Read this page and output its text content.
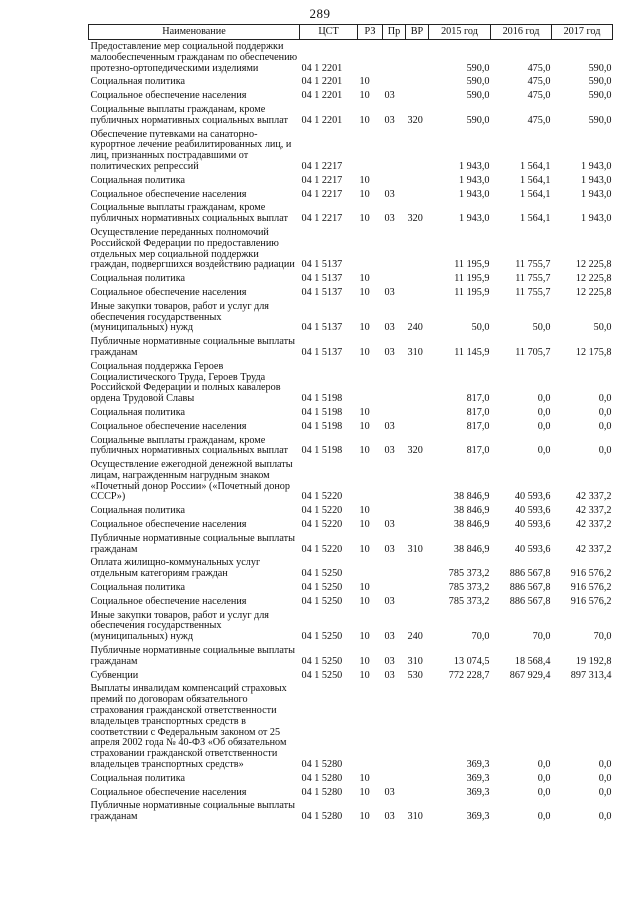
289
Наименование	ЦСТ	РЗ	Пр	ВР	2015 год	2016 год	2017 год
Предоставление мер социальной поддержки малообеспеченным гражданам по обеспечению протезно-ортопедическими изделиями	04 1 2201				590,0	475,0	590,0
Социальная политика	04 1 2201	10			590,0	475,0	590,0
Социальное обеспечение населения	04 1 2201	10	03		590,0	475,0	590,0
Социальные выплаты гражданам, кроме публичных нормативных социальных выплат	04 1 2201	10	03	320	590,0	475,0	590,0
Обеспечение путевками на санаторно-курортное лечение реабилитированных лиц, и лиц, признанных пострадавшими от политических репрессий	04 1 2217				1 943,0	1 564,1	1 943,0
Социальная политика	04 1 2217	10			1 943,0	1 564,1	1 943,0
Социальное обеспечение населения	04 1 2217	10	03		1 943,0	1 564,1	1 943,0
Социальные выплаты гражданам, кроме публичных нормативных социальных выплат	04 1 2217	10	03	320	1 943,0	1 564,1	1 943,0
Осуществление переданных полномочий Российской Федерации по предоставлению отдельных мер социальной поддержки граждан, подвергшихся воздействию радиации	04 1 5137				11 195,9	11 755,7	12 225,8
Социальная политика	04 1 5137	10			11 195,9	11 755,7	12 225,8
Социальное обеспечение населения	04 1 5137	10	03		11 195,9	11 755,7	12 225,8
Иные закупки товаров, работ и услуг для обеспечения государственных (муниципальных) нужд	04 1 5137	10	03	240	50,0	50,0	50,0
Публичные нормативные социальные выплаты гражданам	04 1 5137	10	03	310	11 145,9	11 705,7	12 175,8
Социальная поддержка Героев Социалистического Труда, Героев Труда Российской Федерации и полных кавалеров ордена Трудовой Славы	04 1 5198				817,0	0,0	0,0
Социальная политика	04 1 5198	10			817,0	0,0	0,0
Социальное обеспечение населения	04 1 5198	10	03		817,0	0,0	0,0
Социальные выплаты гражданам, кроме публичных нормативных социальных выплат	04 1 5198	10	03	320	817,0	0,0	0,0
Осуществление ежегодной денежной выплаты лицам, награжденным нагрудным знаком «Почетный донор России» («Почетный донор СССР»)	04 1 5220				38 846,9	40 593,6	42 337,2
Социальная политика	04 1 5220	10			38 846,9	40 593,6	42 337,2
Социальное обеспечение населения	04 1 5220	10	03		38 846,9	40 593,6	42 337,2
Публичные нормативные социальные выплаты гражданам	04 1 5220	10	03	310	38 846,9	40 593,6	42 337,2
Оплата жилищно-коммунальных услуг отдельным категориям граждан	04 1 5250				785 373,2	886 567,8	916 576,2
Социальная политика	04 1 5250	10			785 373,2	886 567,8	916 576,2
Социальное обеспечение населения	04 1 5250	10	03		785 373,2	886 567,8	916 576,2
Иные закупки товаров, работ и услуг для обеспечения государственных (муниципальных) нужд	04 1 5250	10	03	240	70,0	70,0	70,0
Публичные нормативные социальные выплаты гражданам	04 1 5250	10	03	310	13 074,5	18 568,4	19 192,8
Субвенции	04 1 5250	10	03	530	772 228,7	867 929,4	897 313,4
Выплаты инвалидам компенсаций страховых премий по договорам обязательного страхования гражданской ответственности владельцев транспортных средств в соответствии с Федеральным законом от 25 апреля 2002 года № 40-ФЗ «Об обязательном страховании гражданской ответственности владельцев транспортных средств»	04 1 5280				369,3	0,0	0,0
Социальная политика	04 1 5280	10			369,3	0,0	0,0
Социальное обеспечение населения	04 1 5280	10	03		369,3	0,0	0,0
Публичные нормативные социальные выплаты гражданам	04 1 5280	10	03	310	369,3	0,0	0,0
